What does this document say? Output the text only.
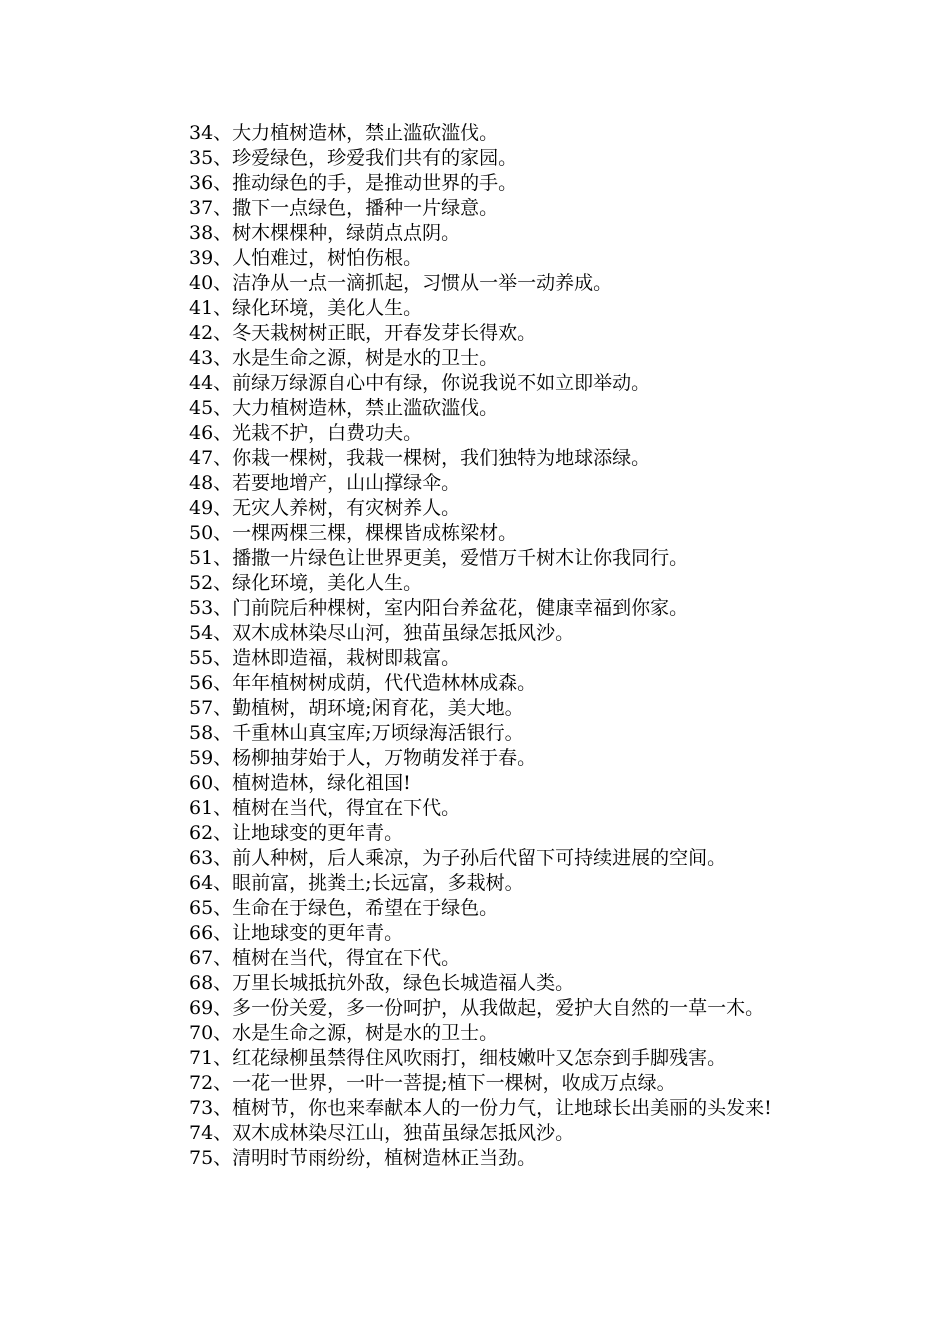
34、大力植树造林，禁止滥砍滥伐。

35、珍爱绿色，珍爱我们共有的家园。

36、推动绿色的手，是推动世界的手。

37、撒下一点绿色，播种一片绿意。

38、树木棵棵种，绿荫点点阴。

39、人怕难过，树怕伤根。

40、洁净从一点一滴抓起，习惯从一举一动养成。

41、绿化环境，美化人生。

42、冬天栽树树正眠，开春发芽长得欢。

43、水是生命之源，树是水的卫士。

44、前绿万绿源自心中有绿，你说我说不如立即举动。

45、大力植树造林，禁止滥砍滥伐。

46、光栽不护，白费功夫。

47、你栽一棵树，我栽一棵树，我们独特为地球添绿。

48、若要地增产，山山撑绿伞。

49、无灾人养树，有灾树养人。

50、一棵两棵三棵，棵棵皆成栋梁材。

51、播撒一片绿色让世界更美，爱惜万千树木让你我同行。

52、绿化环境，美化人生。

53、门前院后种棵树，室内阳台养盆花，健康幸福到你家。

54、双木成林染尽山河，独苗虽绿怎抵风沙。

55、造林即造福，栽树即栽富。

56、年年植树树成荫，代代造林林成森。

57、勤植树，胡环境;闲育花，美大地。

58、千重林山真宝库;万顷绿海活银行。

59、杨柳抽芽始于人，万物萌发祥于春。

60、植树造林，绿化祖国!

61、植树在当代，得宜在下代。

62、让地球变的更年青。

63、前人种树，后人乘凉，为子孙后代留下可持续进展的空间。

64、眼前富，挑粪土;长远富，多栽树。

65、生命在于绿色，希望在于绿色。

66、让地球变的更年青。

67、植树在当代，得宜在下代。

68、万里长城抵抗外敌，绿色长城造福人类。

69、多一份关爱，多一份呵护，从我做起，爱护大自然的一草一木。

70、水是生命之源，树是水的卫士。

71、红花绿柳虽禁得住风吹雨打，细枝嫩叶又怎奈到手脚残害。

72、一花一世界，一叶一菩提;植下一棵树，收成万点绿。

73、植树节，你也来奉献本人的一份力气，让地球长出美丽的头发来!

74、双木成林染尽江山，独苗虽绿怎抵风沙。

75、清明时节雨纷纷，植树造林正当劲。
